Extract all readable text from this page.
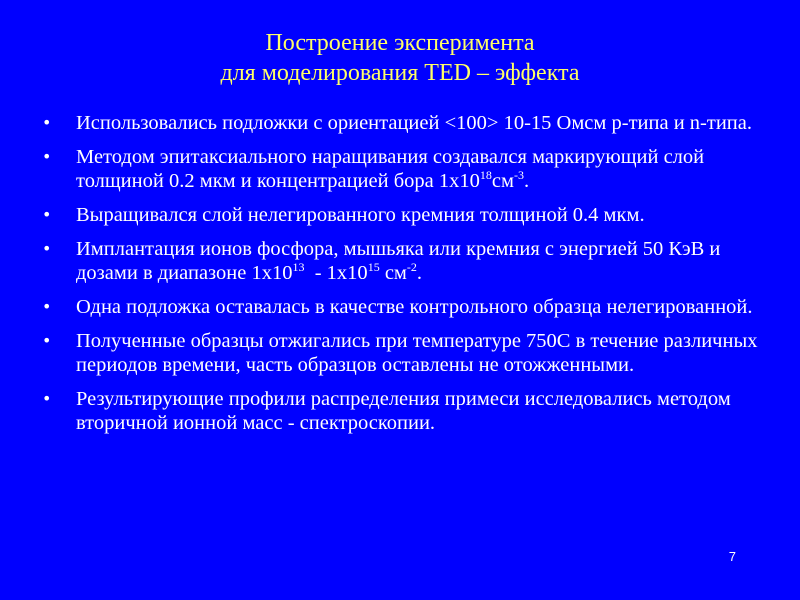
Построение эксперимента
для моделирования TED – эффекта
• Использовались подложки с ориентацией <100> 10-15 Омсм p-типа и n-типа.
• Методом эпитаксиального наращивания создавался маркирующий слой толщиной 0.2 мкм и концентрацией бора $1x10^{18}см^{-3}$.
• Выращивался слой нелегированного кремния толщиной 0.4 мкм.
• Имплантация ионов фосфора, мышьяка или кремния с энергией 50 КэВ и дозами в диапазоне $1х10^{13} - 1х10^{15}$ $см^{-2}$.
• Одна подложка оставалась в качестве контрольного образца нелегированной.
• Полученные образцы отжигались при температуре 750С в течение различных периодов времени, часть образцов оставлены не отожженными.
• Результирующие профили распределения примеси исследовались методом вторичной ионной масс - спектроскопии.
7
